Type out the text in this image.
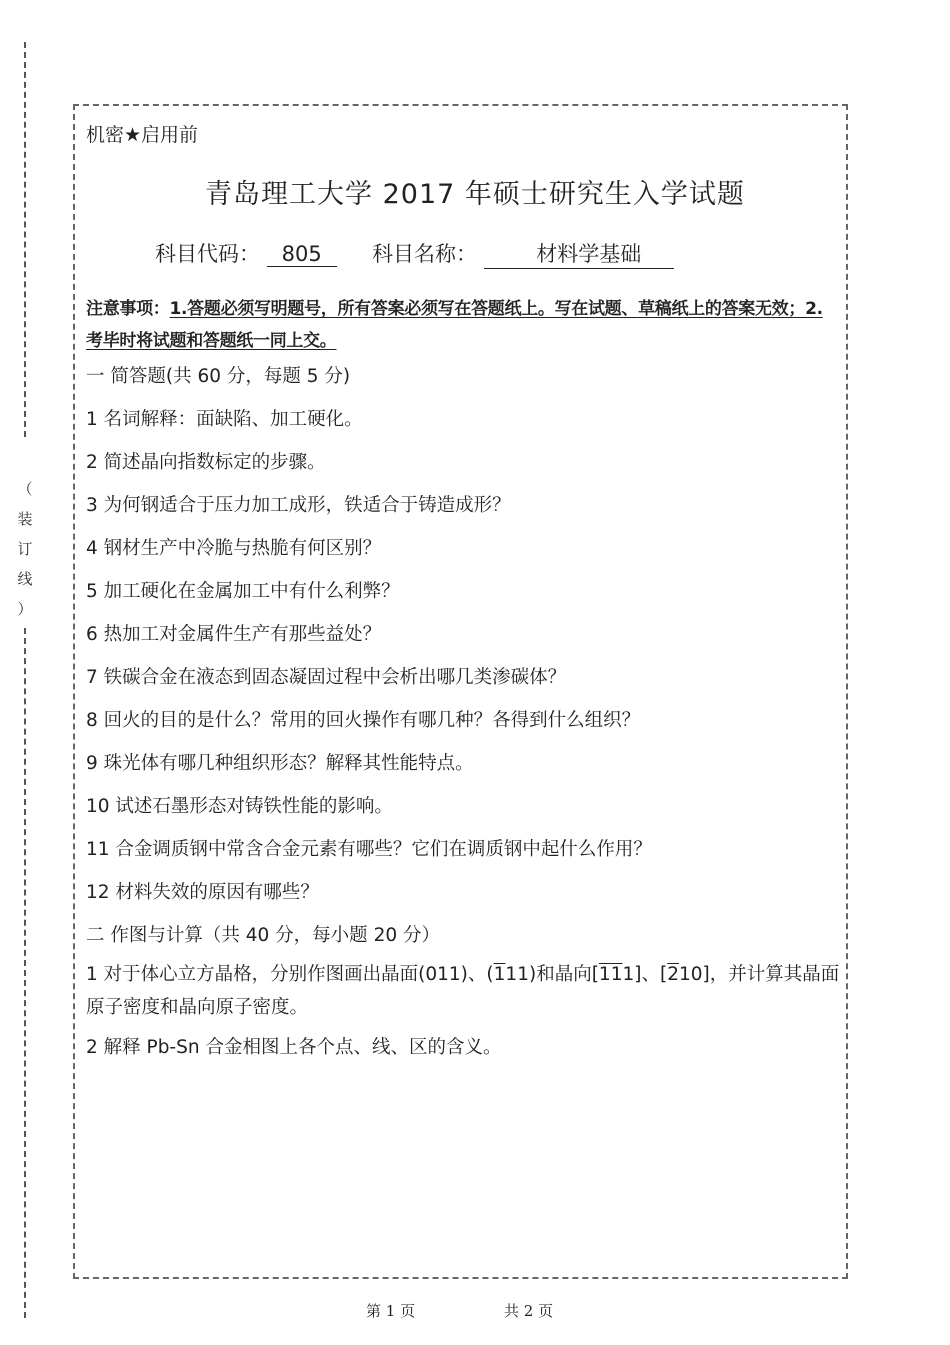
（
装
订
线
）
机密★启用前
青岛理工大学 2017 年硕士研究生入学试题
科目代码： 805 科目名称：	材料学基础
注意事项：1.答题必须写明题号，所有答案必须写在答题纸上。写在试题、草稿纸上的答案无效；2.考毕时将试题和答题纸一同上交。
一 简答题(共 60 分，每题 5 分)
1 名词解释：面缺陷、加工硬化。
2 简述晶向指数标定的步骤。
3 为何钢适合于压力加工成形，铁适合于铸造成形？
4 钢材生产中冷脆与热脆有何区别？
5 加工硬化在金属加工中有什么利弊？
6 热加工对金属件生产有那些益处？
7 铁碳合金在液态到固态凝固过程中会析出哪几类渗碳体？
8 回火的目的是什么？常用的回火操作有哪几种？各得到什么组织？
9 珠光体有哪几种组织形态？解释其性能特点。
10 试述石墨形态对铸铁性能的影响。
11 合金调质钢中常含合金元素有哪些？它们在调质钢中起什么作用？
12 材料失效的原因有哪些？
二 作图与计算（共 40 分，每小题 20 分）
1 对于体心立方晶格，分别作图画出晶面(011)、(111)和晶向[111]、[210]，并计算其晶面原子密度和晶向原子密度。
2 解释 Pb-Sn 合金相图上各个点、线、区的含义。
第 1 页	共 2 页
